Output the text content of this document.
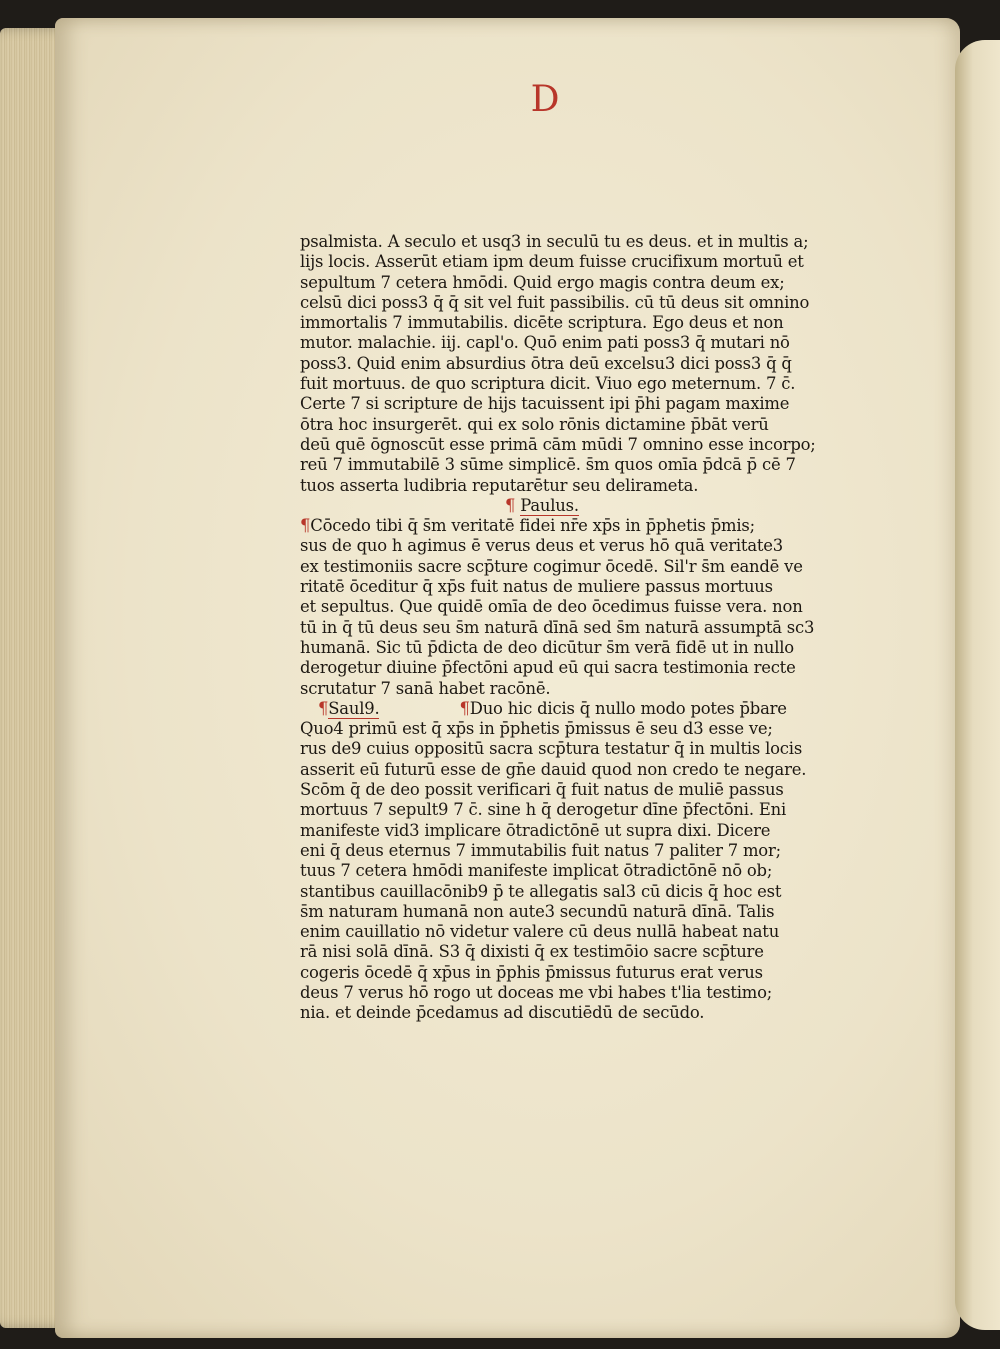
D
psalmista. A seculo et usq3 in seculū tu es deus. et in multis a;
lijs locis. Asserūt etiam ipm deum fuisse crucifixum mortuū et
sepultum 7 cetera hmōdi. Quid ergo magis contra deum ex;
celsū dici poss3 q̄ q̄ sit vel fuit passibilis. cū tū deus sit omnino
immortalis 7 immutabilis. dicēte scriptura. Ego deus et non
mutor. malachie. iij. capl'o. Quō enim pati poss3 q̄ mutari nō
poss3. Quid enim absurdius ōtra deū excelsu3 dici poss3 q̄ q̄
fuit mortuus. de quo scriptura dicit. Viuo ego meternum. 7 c̄.
Certe 7 si scripture de hijs tacuissent ipi p̄hi pagam maxime
ōtra hoc insurgerēt. qui ex solo rōnis dictamine p̄bāt verū
deū quē ōgnoscūt esse primā cām mūdi 7 omnino esse incorpo;
reū 7 immutabilē 3 sūme simplicē. s̄m quos omīa p̄dcā p̄ cē 7
tuos asserta ludibria reputarētur seu delirameta.
¶ Paulus.
¶Cōcedo tibi q̄ s̄m veritatē fidei nr̄e xp̄s in p̄phetis p̄mis;
sus de quo h agimus ē verus deus et verus hō quā veritate3
ex testimoniis sacre scp̄ture cogimur ōcedē. Sil'r s̄m eandē ve
ritatē ōceditur q̄ xp̄s fuit natus de muliere passus mortuus
et sepultus. Que quidē omīa de deo ōcedimus fuisse vera. non
tū in q̄ tū deus seu s̄m naturā dīnā sed s̄m naturā assumptā sc3
humanā. Sic tū p̄dicta de deo dicūtur s̄m verā fidē ut in nullo
derogetur diuine p̄fectōni apud eū qui sacra testimonia recte
scrutatur 7 sanā habet racōnē.
¶Saul9.	¶Duo hic dicis q̄ nullo modo potes p̄bare
Quo4 primū est q̄ xp̄s in p̄phetis p̄missus ē seu d3 esse ve;
rus de9 cuius oppositū sacra scp̄tura testatur q̄ in multis locis
asserit eū futurū esse de gn̄e dauid quod non credo te negare.
Scōm q̄ de deo possit verificari q̄ fuit natus de muliē passus
mortuus 7 sepult9 7 c̄. sine h q̄ derogetur dīne p̄fectōni. Eni
manifeste vid3 implicare ōtradictōnē ut supra dixi. Dicere
eni q̄ deus eternus 7 immutabilis fuit natus 7 paliter 7 mor;
tuus 7 cetera hmōdi manifeste implicat ōtradictōnē nō ob;
stantibus cauillacōnib9 p̄ te allegatis sal3 cū dicis q̄ hoc est
s̄m naturam humanā non aute3 secundū naturā dīnā. Talis
enim cauillatio nō videtur valere cū deus nullā habeat natu
rā nisi solā dīnā. S3 q̄ dixisti q̄ ex testimōio sacre scp̄ture
cogeris ōcedē q̄ xp̄us in p̄phis p̄missus futurus erat verus
deus 7 verus hō rogo ut doceas me vbi habes t'lia testimo;
nia. et deinde p̄cedamus ad discutiēdū de secūdo.
